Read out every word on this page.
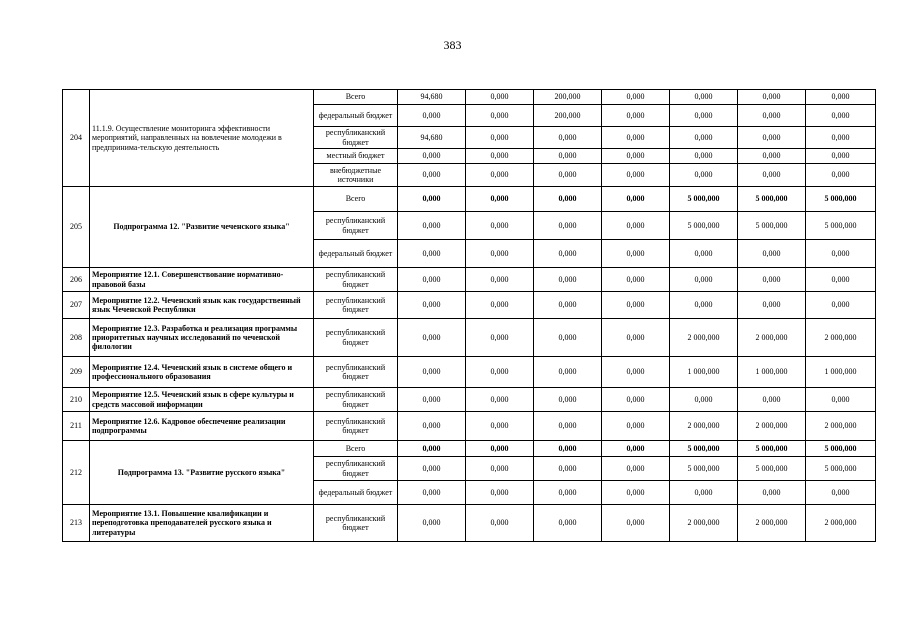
383
204	11.1.9. Осуществление мониторинга эффективности мероприятий, направленных на вовлечение молодежи в предпринима-тельскую деятельность	Всего	94,680	0,000	200,000	0,000	0,000	0,000	0,000
		федеральный бюджет	0,000	0,000	200,000	0,000	0,000	0,000	0,000
		республиканский бюджет	94,680	0,000	0,000	0,000	0,000	0,000	0,000
		местный бюджет	0,000	0,000	0,000	0,000	0,000	0,000	0,000
		внебюджетные источники	0,000	0,000	0,000	0,000	0,000	0,000	0,000
205	Подпрограмма 12. "Развитие чеченского языка"	Всего	0,000	0,000	0,000	0,000	5 000,000	5 000,000	5 000,000
		республиканский бюджет	0,000	0,000	0,000	0,000	5 000,000	5 000,000	5 000,000
		федеральный бюджет	0,000	0,000	0,000	0,000	0,000	0,000	0,000
206	Мероприятие 12.1. Совершенствование нормативно-правовой базы	республиканский бюджет	0,000	0,000	0,000	0,000	0,000	0,000	0,000
207	Мероприятие 12.2. Чеченский язык как государственный язык Чеченской Республики	республиканский бюджет	0,000	0,000	0,000	0,000	0,000	0,000	0,000
208	Мероприятие 12.3. Разработка и реализация программы приоритетных научных исследований по чеченской филологии	республиканский бюджет	0,000	0,000	0,000	0,000	2 000,000	2 000,000	2 000,000
209	Мероприятие 12.4. Чеченский язык в системе общего и профессионального образования	республиканский бюджет	0,000	0,000	0,000	0,000	1 000,000	1 000,000	1 000,000
210	Мероприятие 12.5. Чеченский язык в сфере культуры и средств массовой информации	республиканский бюджет	0,000	0,000	0,000	0,000	0,000	0,000	0,000
211	Мероприятие 12.6. Кадровое обеспечение реализации подпрограммы	республиканский бюджет	0,000	0,000	0,000	0,000	2 000,000	2 000,000	2 000,000
212	Подпрограмма 13. "Развитие русского языка"	Всего	0,000	0,000	0,000	0,000	5 000,000	5 000,000	5 000,000
		республиканский бюджет	0,000	0,000	0,000	0,000	5 000,000	5 000,000	5 000,000
		федеральный бюджет	0,000	0,000	0,000	0,000	0,000	0,000	0,000
213	Мероприятие 13.1. Повышение квалификации и переподготовка преподавателей русского языка и литературы	республиканский бюджет	0,000	0,000	0,000	0,000	2 000,000	2 000,000	2 000,000
